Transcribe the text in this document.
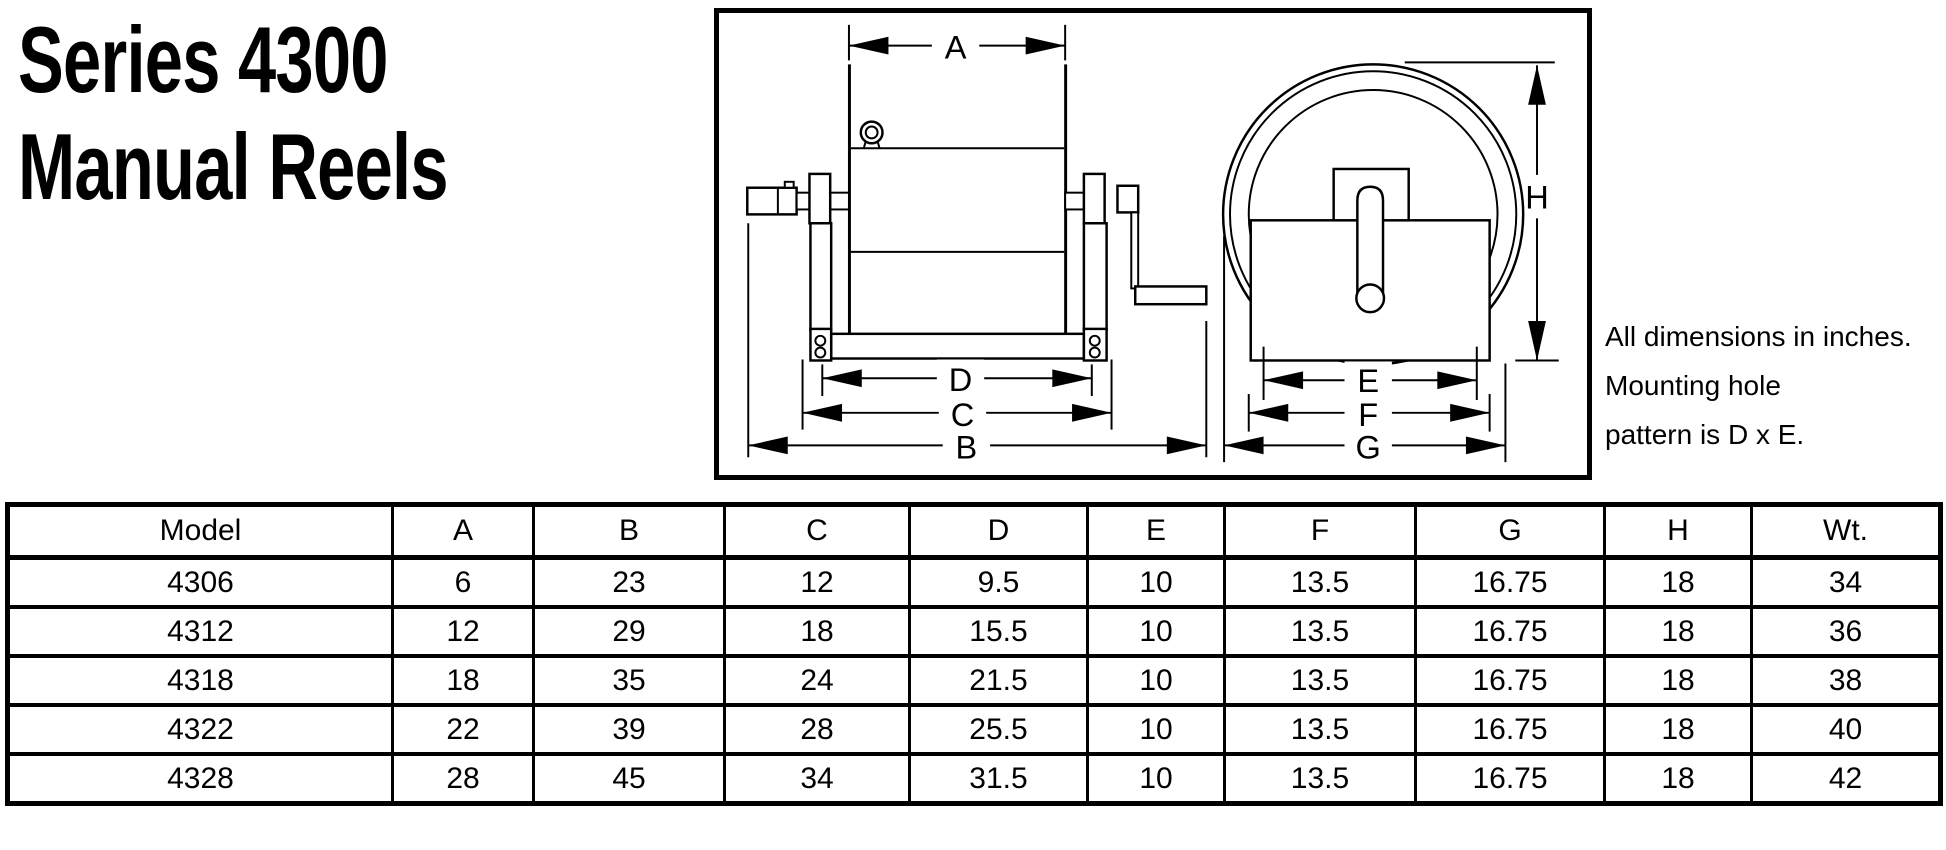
Series 4300
Manual Reels
A
D
C
B
E
F
G
H
All dimensions in inches.
Mounting hole
pattern is D x E.
Model	A	B	C	D	E	F	G	H	Wt.
4306	6	23	12	9.5	10	13.5	16.75	18	34
4312	12	29	18	15.5	10	13.5	16.75	18	36
4318	18	35	24	21.5	10	13.5	16.75	18	38
4322	22	39	28	25.5	10	13.5	16.75	18	40
4328	28	45	34	31.5	10	13.5	16.75	18	42
